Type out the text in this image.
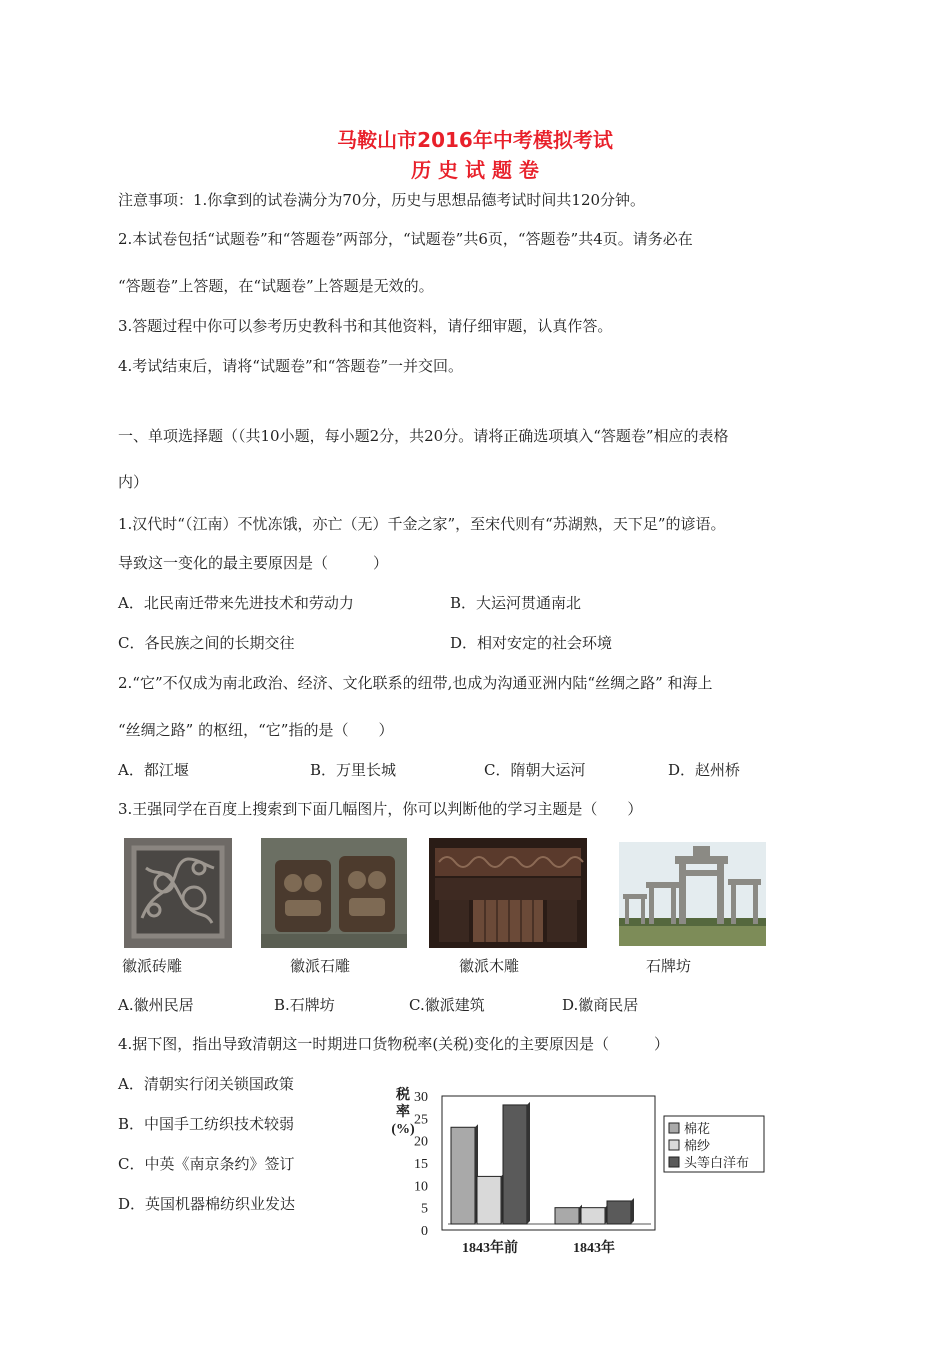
马鞍山市2016年中考模拟考试
历 史 试 题 卷
注意事项：1.你拿到的试卷满分为70分，历史与思想品德考试时间共120分钟。
2.本试卷包括“试题卷”和“答题卷”两部分，“试题卷”共6页，“答题卷”共4页。请务必在
“答题卷”上答题，在“试题卷”上答题是无效的。
3.答题过程中你可以参考历史教科书和其他资料，请仔细审题，认真作答。
4.考试结束后，请将“试题卷”和“答题卷”一并交回。
一、单项选择题（（共10小题，每小题2分，共20分。请将正确选项填入“答题卷”相应的表格
内）
1.汉代时“（江南）不忧冻饿，亦亡（无）千金之家”，至宋代则有“苏湖熟，天下足”的谚语。
导致这一变化的最主要原因是（　　　）
A．北民南迁带来先进技术和劳动力	B．大运河贯通南北
C．各民族之间的长期交往	D．相对安定的社会环境
2.“它”不仅成为南北政治、经济、文化联系的纽带,也成为沟通亚洲内陆“丝绸之路” 和海上
“丝绸之路” 的枢纽，“它”指的是（　　）
A．都江堰	B．万里长城	C．隋朝大运河	D．赵州桥
3.王强同学在百度上搜索到下面几幅图片，你可以判断他的学习主题是（　　）
徽派砖雕	徽派石雕	徽派木雕	石牌坊
A.徽州民居	B.石牌坊	C.徽派建筑	D.徽商民居
4.据下图，指出导致清朝这一时期进口货物税率(关税)变化的主要原因是（　　　）
A．清朝实行闭关锁国政策
B．中国手工纺织技术较弱
C．中英《南京条约》签订
D．英国机器棉纺织业发达
税
率
(%)
0
5
10
15
20
25
30
1843年前	1843年
棉花
棉纱
头等白洋布
